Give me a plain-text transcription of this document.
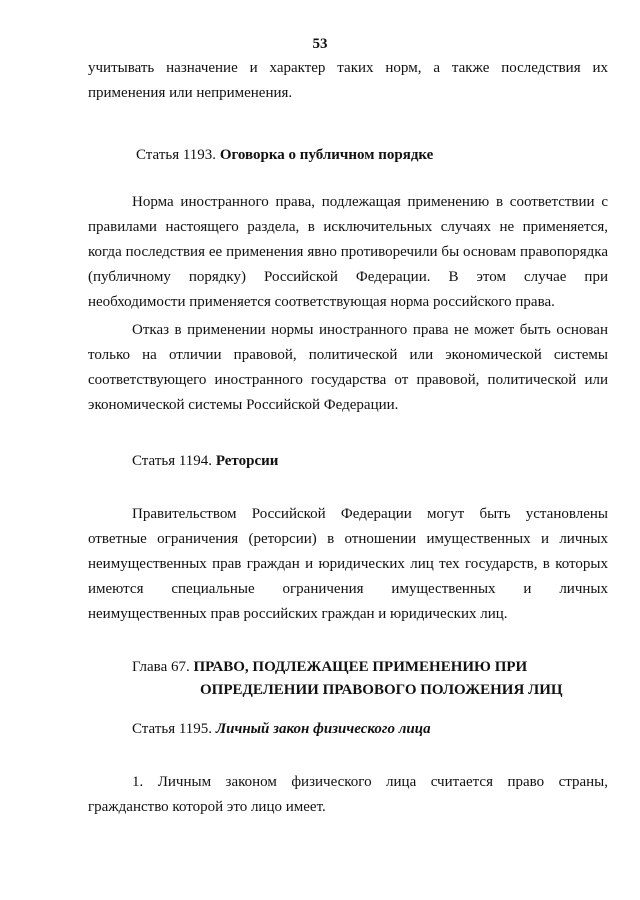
53

учитывать назначение и характер таких норм, а также последствия их применения или неприменения.

Статья 1193. Оговорка о публичном порядке

Норма иностранного права, подлежащая применению в соответствии с правилами настоящего раздела, в исключительных случаях не применяется, когда последствия ее применения явно противоречили бы основам правопорядка (публичному порядку) Российской Федерации. В этом случае при необходимости применяется соответствующая норма российского права.

Отказ в применении нормы иностранного права не может быть основан только на отличии правовой, политической или экономической системы соответствующего иностранного государства от правовой, политической или экономической системы Российской Федерации.

Статья 1194. Реторсии

Правительством Российской Федерации могут быть установлены ответные ограничения (реторсии) в отношении имущественных и личных неимущественных прав граждан и юридических лиц тех государств, в которых имеются специальные ограничения имущественных и личных неимущественных прав российских граждан и юридических лиц.

Глава 67. ПРАВО, ПОДЛЕЖАЩЕЕ ПРИМЕНЕНИЮ ПРИ
ОПРЕДЕЛЕНИИ ПРАВОВОГО ПОЛОЖЕНИЯ ЛИЦ
Статья 1195. Личный закон физического лица

1. Личным законом физического лица считается право страны, гражданство которой это лицо имеет.
